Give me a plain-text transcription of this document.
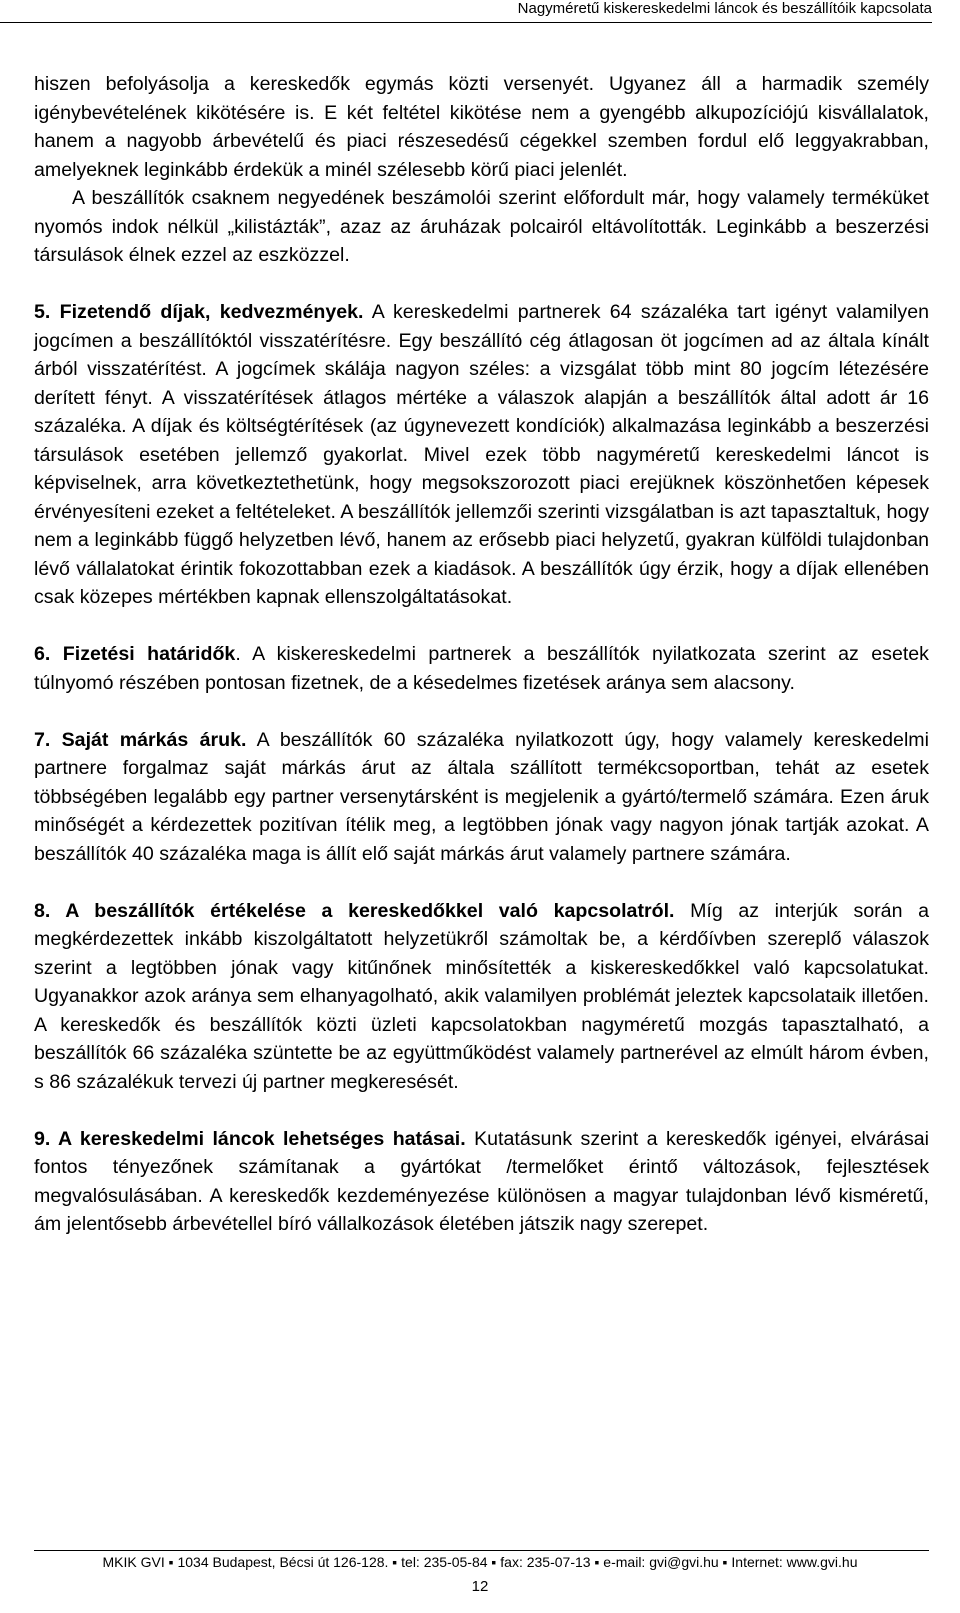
Nagyméretű kiskereskedelmi láncok és beszállítóik kapcsolata

hiszen befolyásolja a kereskedők egymás közti versenyét. Ugyanez áll a harmadik személy igénybevételének kikötésére is. E két feltétel kikötése nem a gyengébb alkupozíciójú kisvállalatok, hanem a nagyobb árbevételű és piaci részesedésű cégekkel szemben fordul elő leggyakrabban, amelyeknek leginkább érdekük a minél szélesebb körű piaci jelenlét.

A beszállítók csaknem negyedének beszámolói szerint előfordult már, hogy valamely terméküket nyomós indok nélkül „kilistázták”, azaz az áruházak polcairól eltávolították. Leginkább a beszerzési társulások élnek ezzel az eszközzel.

5. Fizetendő díjak, kedvezmények. A kereskedelmi partnerek 64 százaléka tart igényt valamilyen jogcímen a beszállítóktól visszatérítésre. Egy beszállító cég átlagosan öt jogcímen ad az általa kínált árból visszatérítést. A jogcímek skálája nagyon széles: a vizsgálat több mint 80 jogcím létezésére derített fényt. A visszatérítések átlagos mértéke a válaszok alapján a beszállítók által adott ár 16 százaléka. A díjak és költségtérítések (az úgynevezett kondíciók) alkalmazása leginkább a beszerzési társulások esetében jellemző gyakorlat. Mivel ezek több nagyméretű kereskedelmi láncot is képviselnek, arra következtethetünk, hogy megsokszorozott piaci erejüknek köszönhetően képesek érvényesíteni ezeket a feltételeket. A beszállítók jellemzői szerinti vizsgálatban is azt tapasztaltuk, hogy nem a leginkább függő helyzetben lévő, hanem az erősebb piaci helyzetű, gyakran külföldi tulajdonban lévő vállalatokat érintik fokozottabban ezek a kiadások. A beszállítók úgy érzik, hogy a díjak ellenében csak közepes mértékben kapnak ellenszolgáltatásokat.

6. Fizetési határidők. A kiskereskedelmi partnerek a beszállítók nyilatkozata szerint az esetek túlnyomó részében pontosan fizetnek, de a késedelmes fizetések aránya sem alacsony.

7. Saját márkás áruk. A beszállítók 60 százaléka nyilatkozott úgy, hogy valamely kereskedelmi partnere forgalmaz saját márkás árut az általa szállított termékcsoportban, tehát az esetek többségében legalább egy partner versenytársként is megjelenik a gyártó/termelő számára. Ezen áruk minőségét a kérdezettek pozitívan ítélik meg, a legtöbben jónak vagy nagyon jónak tartják azokat. A beszállítók 40 százaléka maga is állít elő saját márkás árut valamely partnere számára.

8. A beszállítók értékelése a kereskedőkkel való kapcsolatról. Míg az interjúk során a megkérdezettek inkább kiszolgáltatott helyzetükről számoltak be, a kérdőívben szereplő válaszok szerint a legtöbben jónak vagy kitűnőnek minősítették a kiskereskedőkkel való kapcsolatukat. Ugyanakkor azok aránya sem elhanyagolható, akik valamilyen problémát jeleztek kapcsolataik illetően. A kereskedők és beszállítók közti üzleti kapcsolatokban nagyméretű mozgás tapasztalható, a beszállítók 66 százaléka szüntette be az együttműködést valamely partnerével az elmúlt három évben, s 86 százalékuk tervezi új partner megkeresését.

9. A kereskedelmi láncok lehetséges hatásai. Kutatásunk szerint a kereskedők igényei, elvárásai fontos tényezőnek számítanak a gyártókat /termelőket érintő változások, fejlesztések megvalósulásában. A kereskedők kezdeményezése különösen a magyar tulajdonban lévő kisméretű, ám jelentősebb árbevétellel bíró vállalkozások életében játszik nagy szerepet.

MKIK GVI ▪ 1034 Budapest, Bécsi út 126-128. ▪ tel: 235-05-84 ▪ fax: 235-07-13 ▪ e-mail: gvi@gvi.hu ▪ Internet: www.gvi.hu
12
